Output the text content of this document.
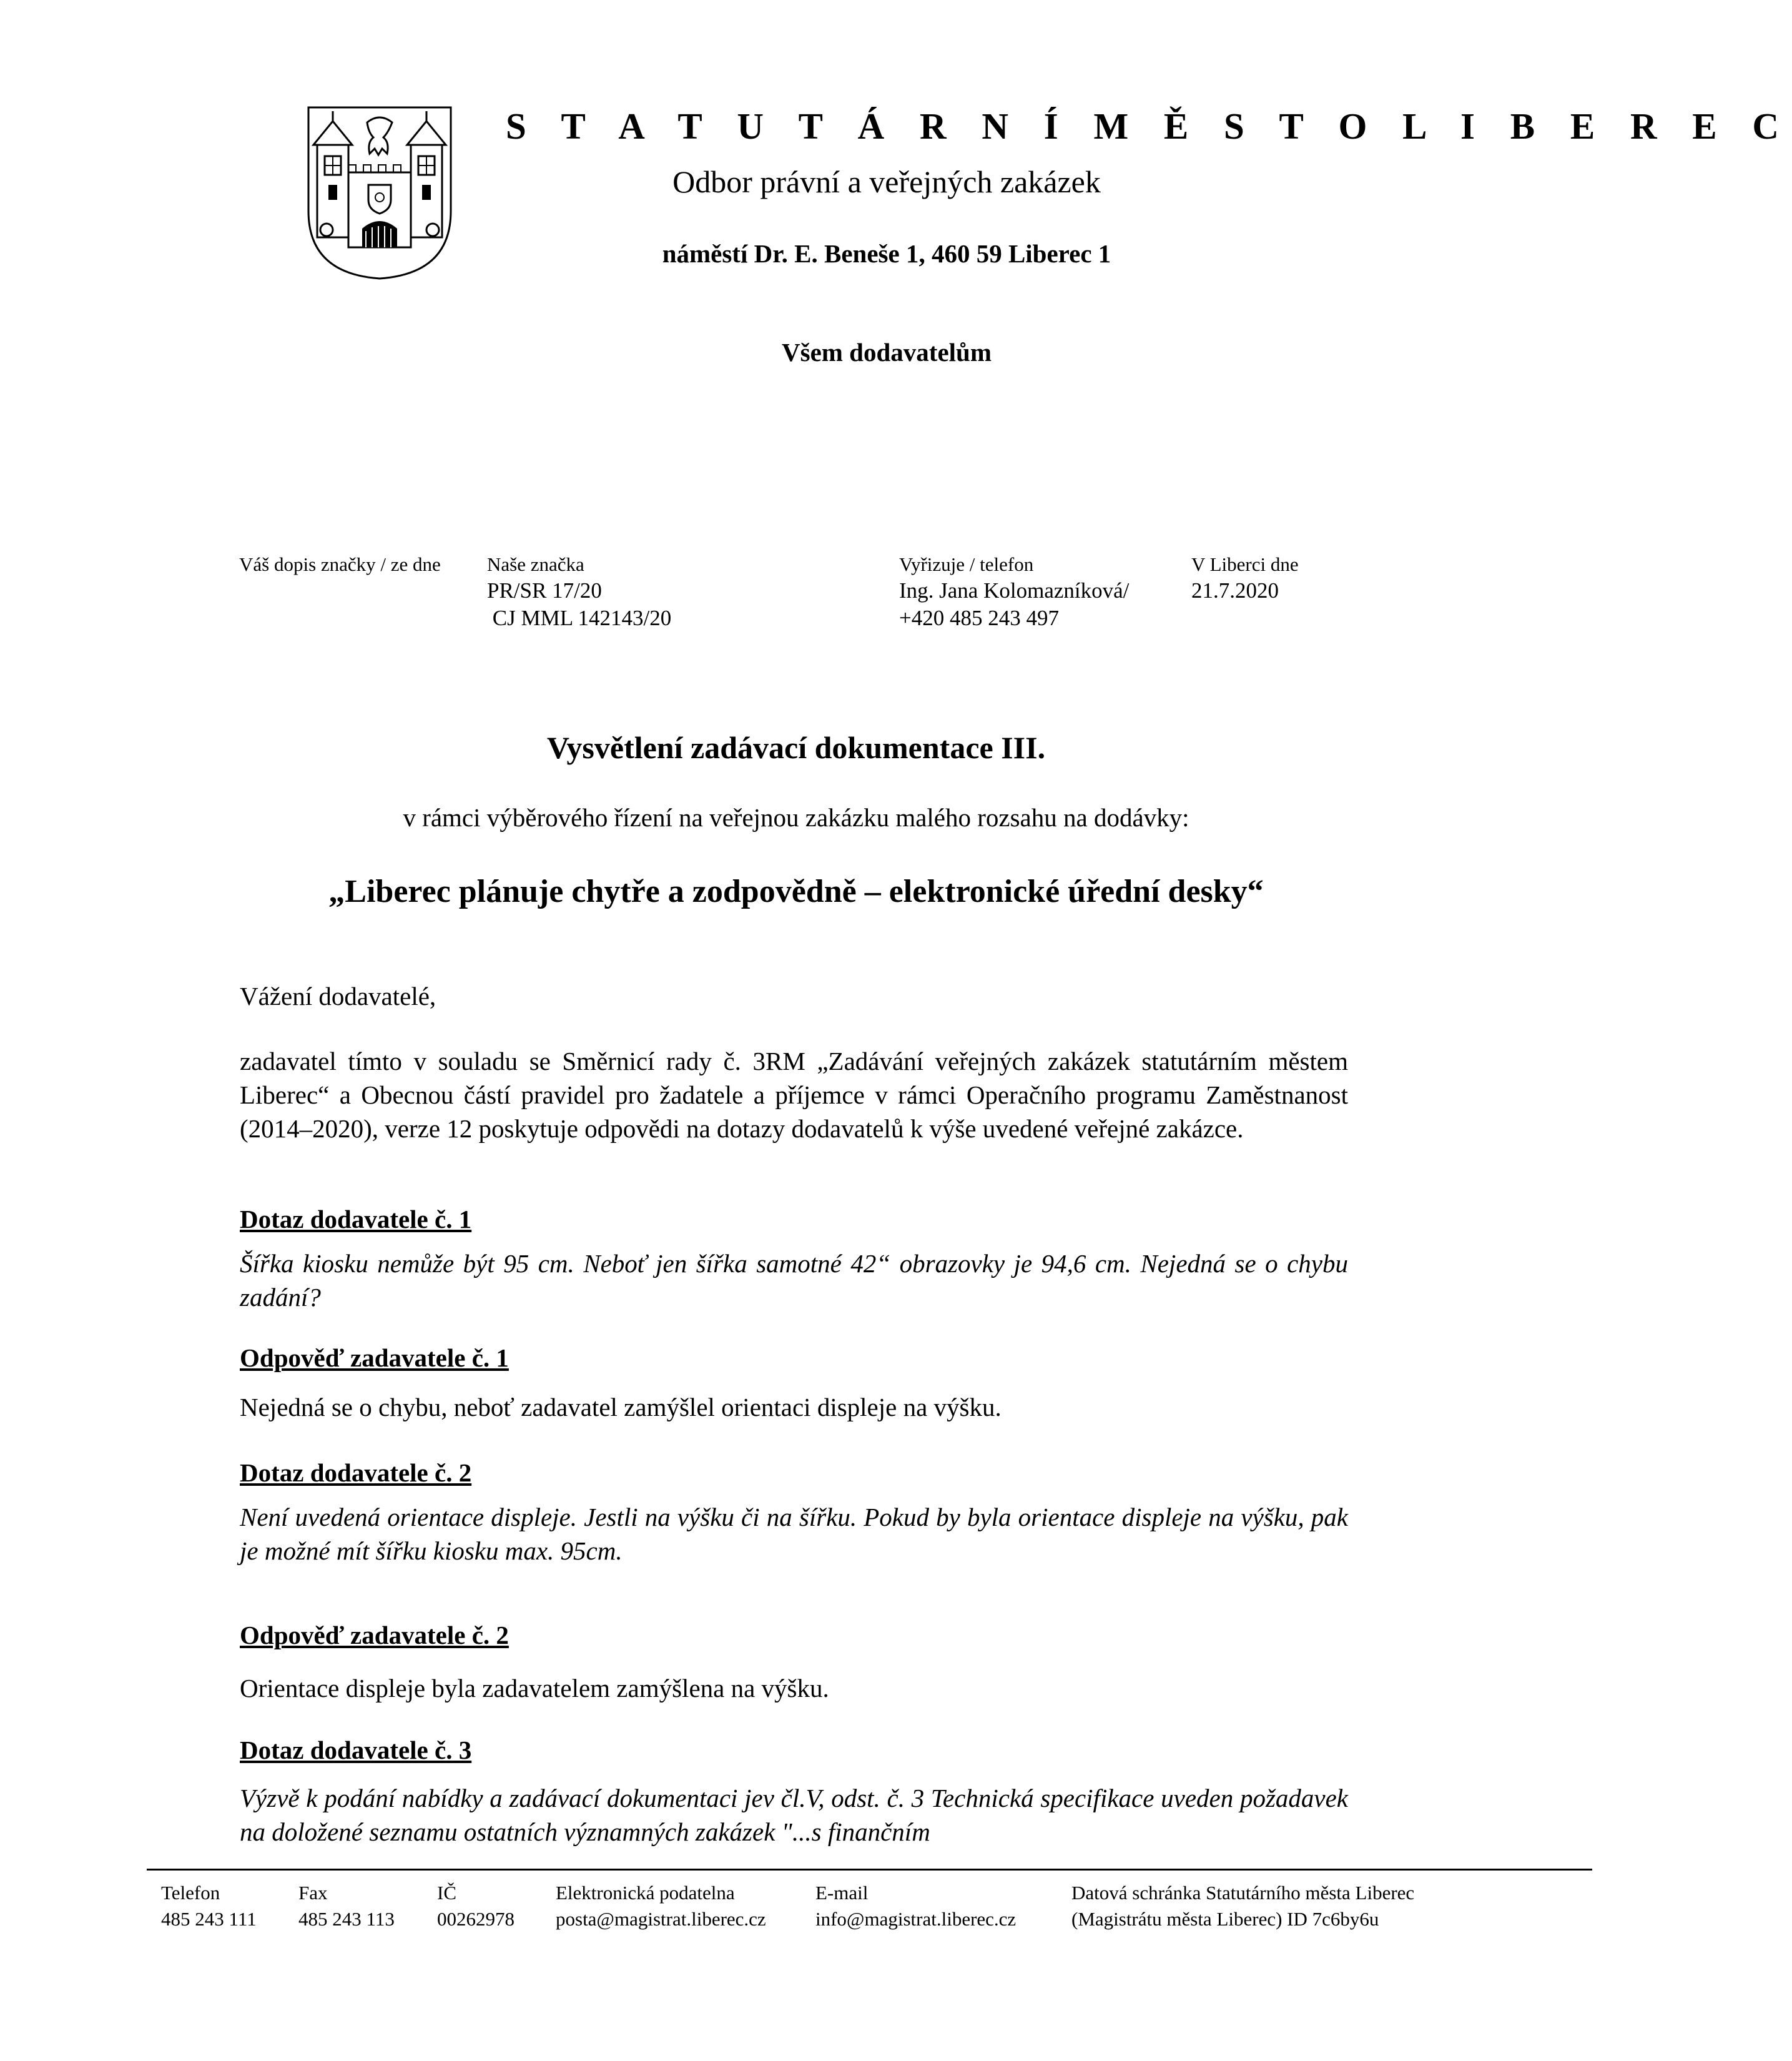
S T A T U T Á R N Í M Ě S T O L I B E R E C
Odbor právní a veřejných zakázek
náměstí Dr. E. Beneše 1, 460 59 Liberec 1
Všem dodavatelům
Váš dopis značky / ze dne Naše značka
PR/SR 17/20
CJ MML 142143/20
Vyřizuje / telefon
Ing. Jana Kolomazníková/
+420 485 243 497
V Liberci dne
21.7.2020
Vysvětlení zadávací dokumentace III.
v rámci výběrového řízení na veřejnou zakázku malého rozsahu na dodávky:
„Liberec plánuje chytře a zodpovědně – elektronické úřední desky“
Vážení dodavatelé,
zadavatel tímto v souladu se Směrnicí rady č. 3RM „Zadávání veřejných zakázek statutárním městem Liberec“ a Obecnou částí pravidel pro žadatele a příjemce v rámci Operačního programu Zaměstnanost (2014–2020), verze 12 poskytuje odpovědi na dotazy dodavatelů k výše uvedené veřejné zakázce.
Dotaz dodavatele č. 1
Šířka kiosku nemůže být 95 cm. Neboť jen šířka samotné 42“ obrazovky je 94,6 cm. Nejedná se o chybu zadání?
Odpověď zadavatele č. 1
Nejedná se o chybu, neboť zadavatel zamýšlel orientaci displeje na výšku.
Dotaz dodavatele č. 2
Není uvedená orientace displeje. Jestli na výšku či na šířku. Pokud by byla orientace displeje na výšku, pak je možné mít šířku kiosku max. 95cm.
Odpověď zadavatele č. 2
Orientace displeje byla zadavatelem zamýšlena na výšku.
Dotaz dodavatele č. 3
Výzvě k podání nabídky a zadávací dokumentaci jev čl.V, odst. č. 3 Technická specifikace uveden požadavek na doložené seznamu ostatních významných zakázek "...s finančním
Telefon
485 243 111
Fax
485 243 113
IČ
00262978
Elektronická podatelna
posta@magistrat.liberec.cz
E-mail
info@magistrat.liberec.cz
Datová schránka Statutárního města Liberec
(Magistrátu města Liberec) ID 7c6by6u
